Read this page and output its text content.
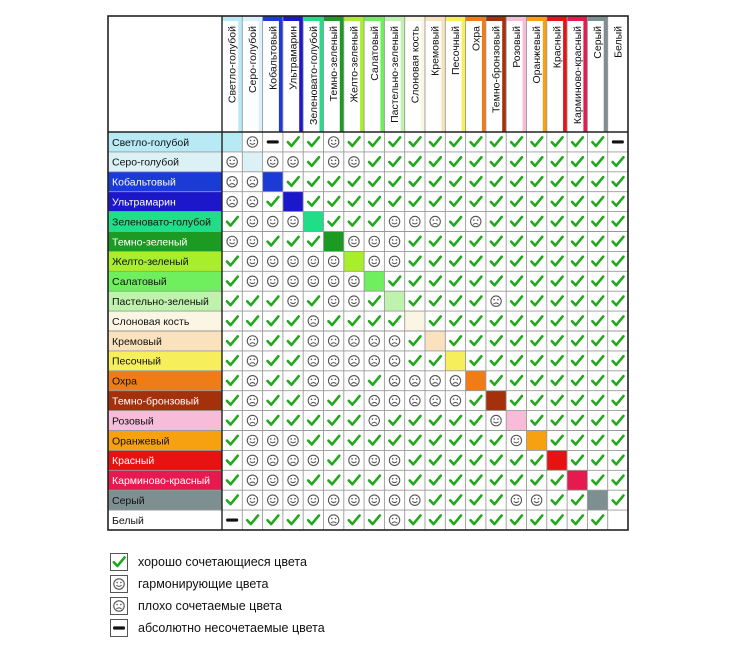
Светло-голубой Серо-голубой Кобальтовый Ультрамарин Зеленовато-голубой Темно-зеленый Желто-зеленый Салатовый Пастельно-зеленый Слоновая кость Кремовый Песочный Охра Темно-бронзовый Розовый Оранжевый Красный Карминово-красный Серый Белый
Светло-голубой
Серо-голубой
Кобальтовый
Ультрамарин
Зеленовато-голубой
Темно-зеленый
Желто-зеленый
Салатовый
Пастельно-зеленый
Слоновая кость
Кремовый
Песочный
Охра
Темно-бронзовый
Розовый
Оранжевый
Красный
Карминово-красный
Серый
Белый
хорошо сочетающиеся цвета
гармонирующие цвета
плохо сочетаемые цвета
абсолютно несочетаемые цвета
